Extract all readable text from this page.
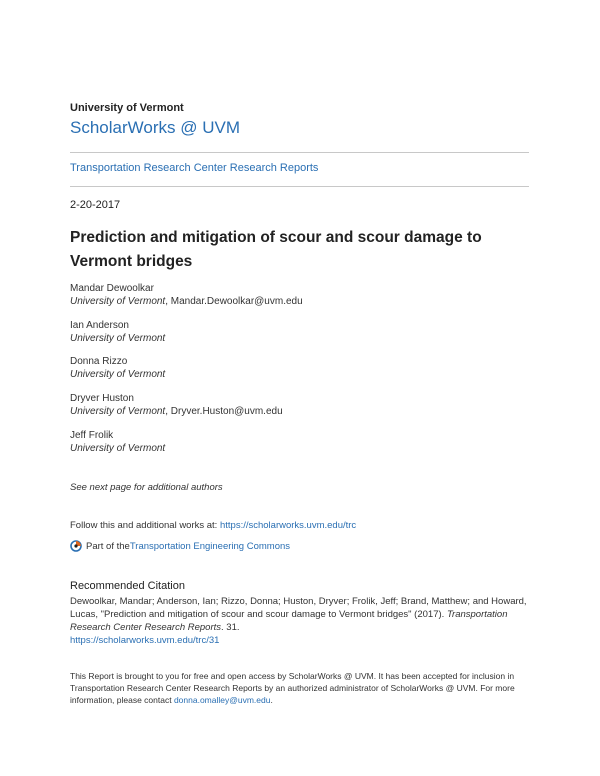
University of Vermont
ScholarWorks @ UVM
Transportation Research Center Research Reports
2-20-2017
Prediction and mitigation of scour and scour damage to Vermont bridges
Mandar Dewoolkar
University of Vermont, Mandar.Dewoolkar@uvm.edu
Ian Anderson
University of Vermont
Donna Rizzo
University of Vermont
Dryver Huston
University of Vermont, Dryver.Huston@uvm.edu
Jeff Frolik
University of Vermont
See next page for additional authors
Follow this and additional works at: https://scholarworks.uvm.edu/trc
Part of the Transportation Engineering Commons
Recommended Citation
Dewoolkar, Mandar; Anderson, Ian; Rizzo, Donna; Huston, Dryver; Frolik, Jeff; Brand, Matthew; and Howard, Lucas, "Prediction and mitigation of scour and scour damage to Vermont bridges" (2017). Transportation Research Center Research Reports. 31.
https://scholarworks.uvm.edu/trc/31
This Report is brought to you for free and open access by ScholarWorks @ UVM. It has been accepted for inclusion in Transportation Research Center Research Reports by an authorized administrator of ScholarWorks @ UVM. For more information, please contact donna.omalley@uvm.edu.
